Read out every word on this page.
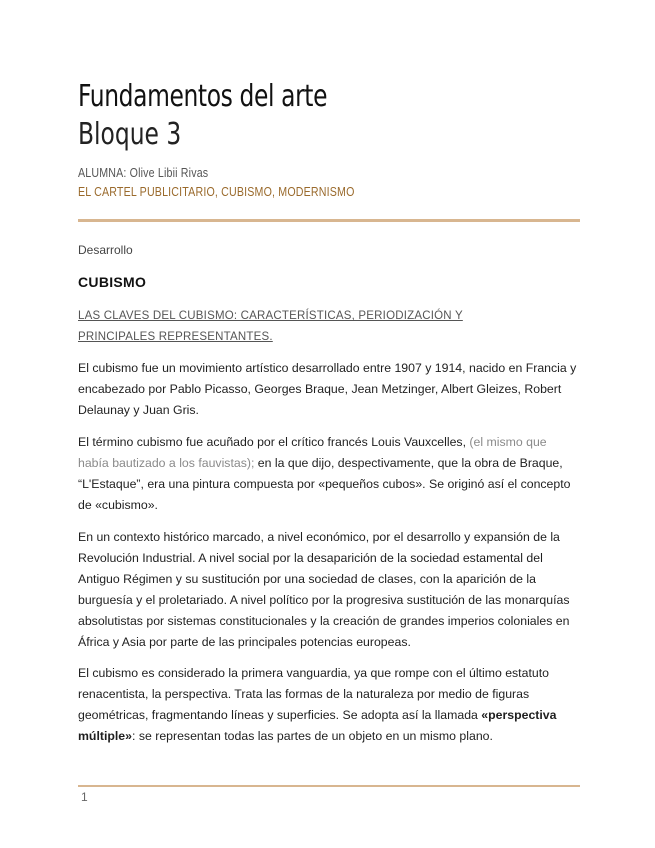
Fundamentos del arte
Bloque 3
ALUMNA: Olive Libii Rivas
EL CARTEL PUBLICITARIO, CUBISMO, MODERNISMO
Desarrollo
CUBISMO
LAS CLAVES DEL CUBISMO: CARACTERÍSTICAS, PERIODIZACIÓN Y PRINCIPALES REPRESENTANTES.
El cubismo fue un movimiento artístico desarrollado entre 1907 y 1914, nacido en Francia y encabezado por Pablo Picasso, Georges Braque, Jean Metzinger, Albert Gleizes, Robert Delaunay y Juan Gris.
El término cubismo fue acuñado por el crítico francés Louis Vauxcelles, (el mismo que había bautizado a los fauvistas); en la que dijo, despectivamente, que la obra de Braque, “L'Estaque”, era una pintura compuesta por «pequeños cubos». Se originó así el concepto de «cubismo».
En un contexto histórico marcado, a nivel económico, por el desarrollo y expansión de la Revolución Industrial. A nivel social por la desaparición de la sociedad estamental del Antiguo Régimen y su sustitución por una sociedad de clases, con la aparición de la burguesía y el proletariado. A nivel político por la progresiva sustitución de las monarquías absolutistas por sistemas constitucionales y la creación de grandes imperios coloniales en África y Asia por parte de las principales potencias europeas.
El cubismo es considerado la primera vanguardia, ya que rompe con el último estatuto renacentista, la perspectiva. Trata las formas de la naturaleza por medio de figuras geométricas, fragmentando líneas y superficies. Se adopta así la llamada «perspectiva múltiple»: se representan todas las partes de un objeto en un mismo plano.
1
